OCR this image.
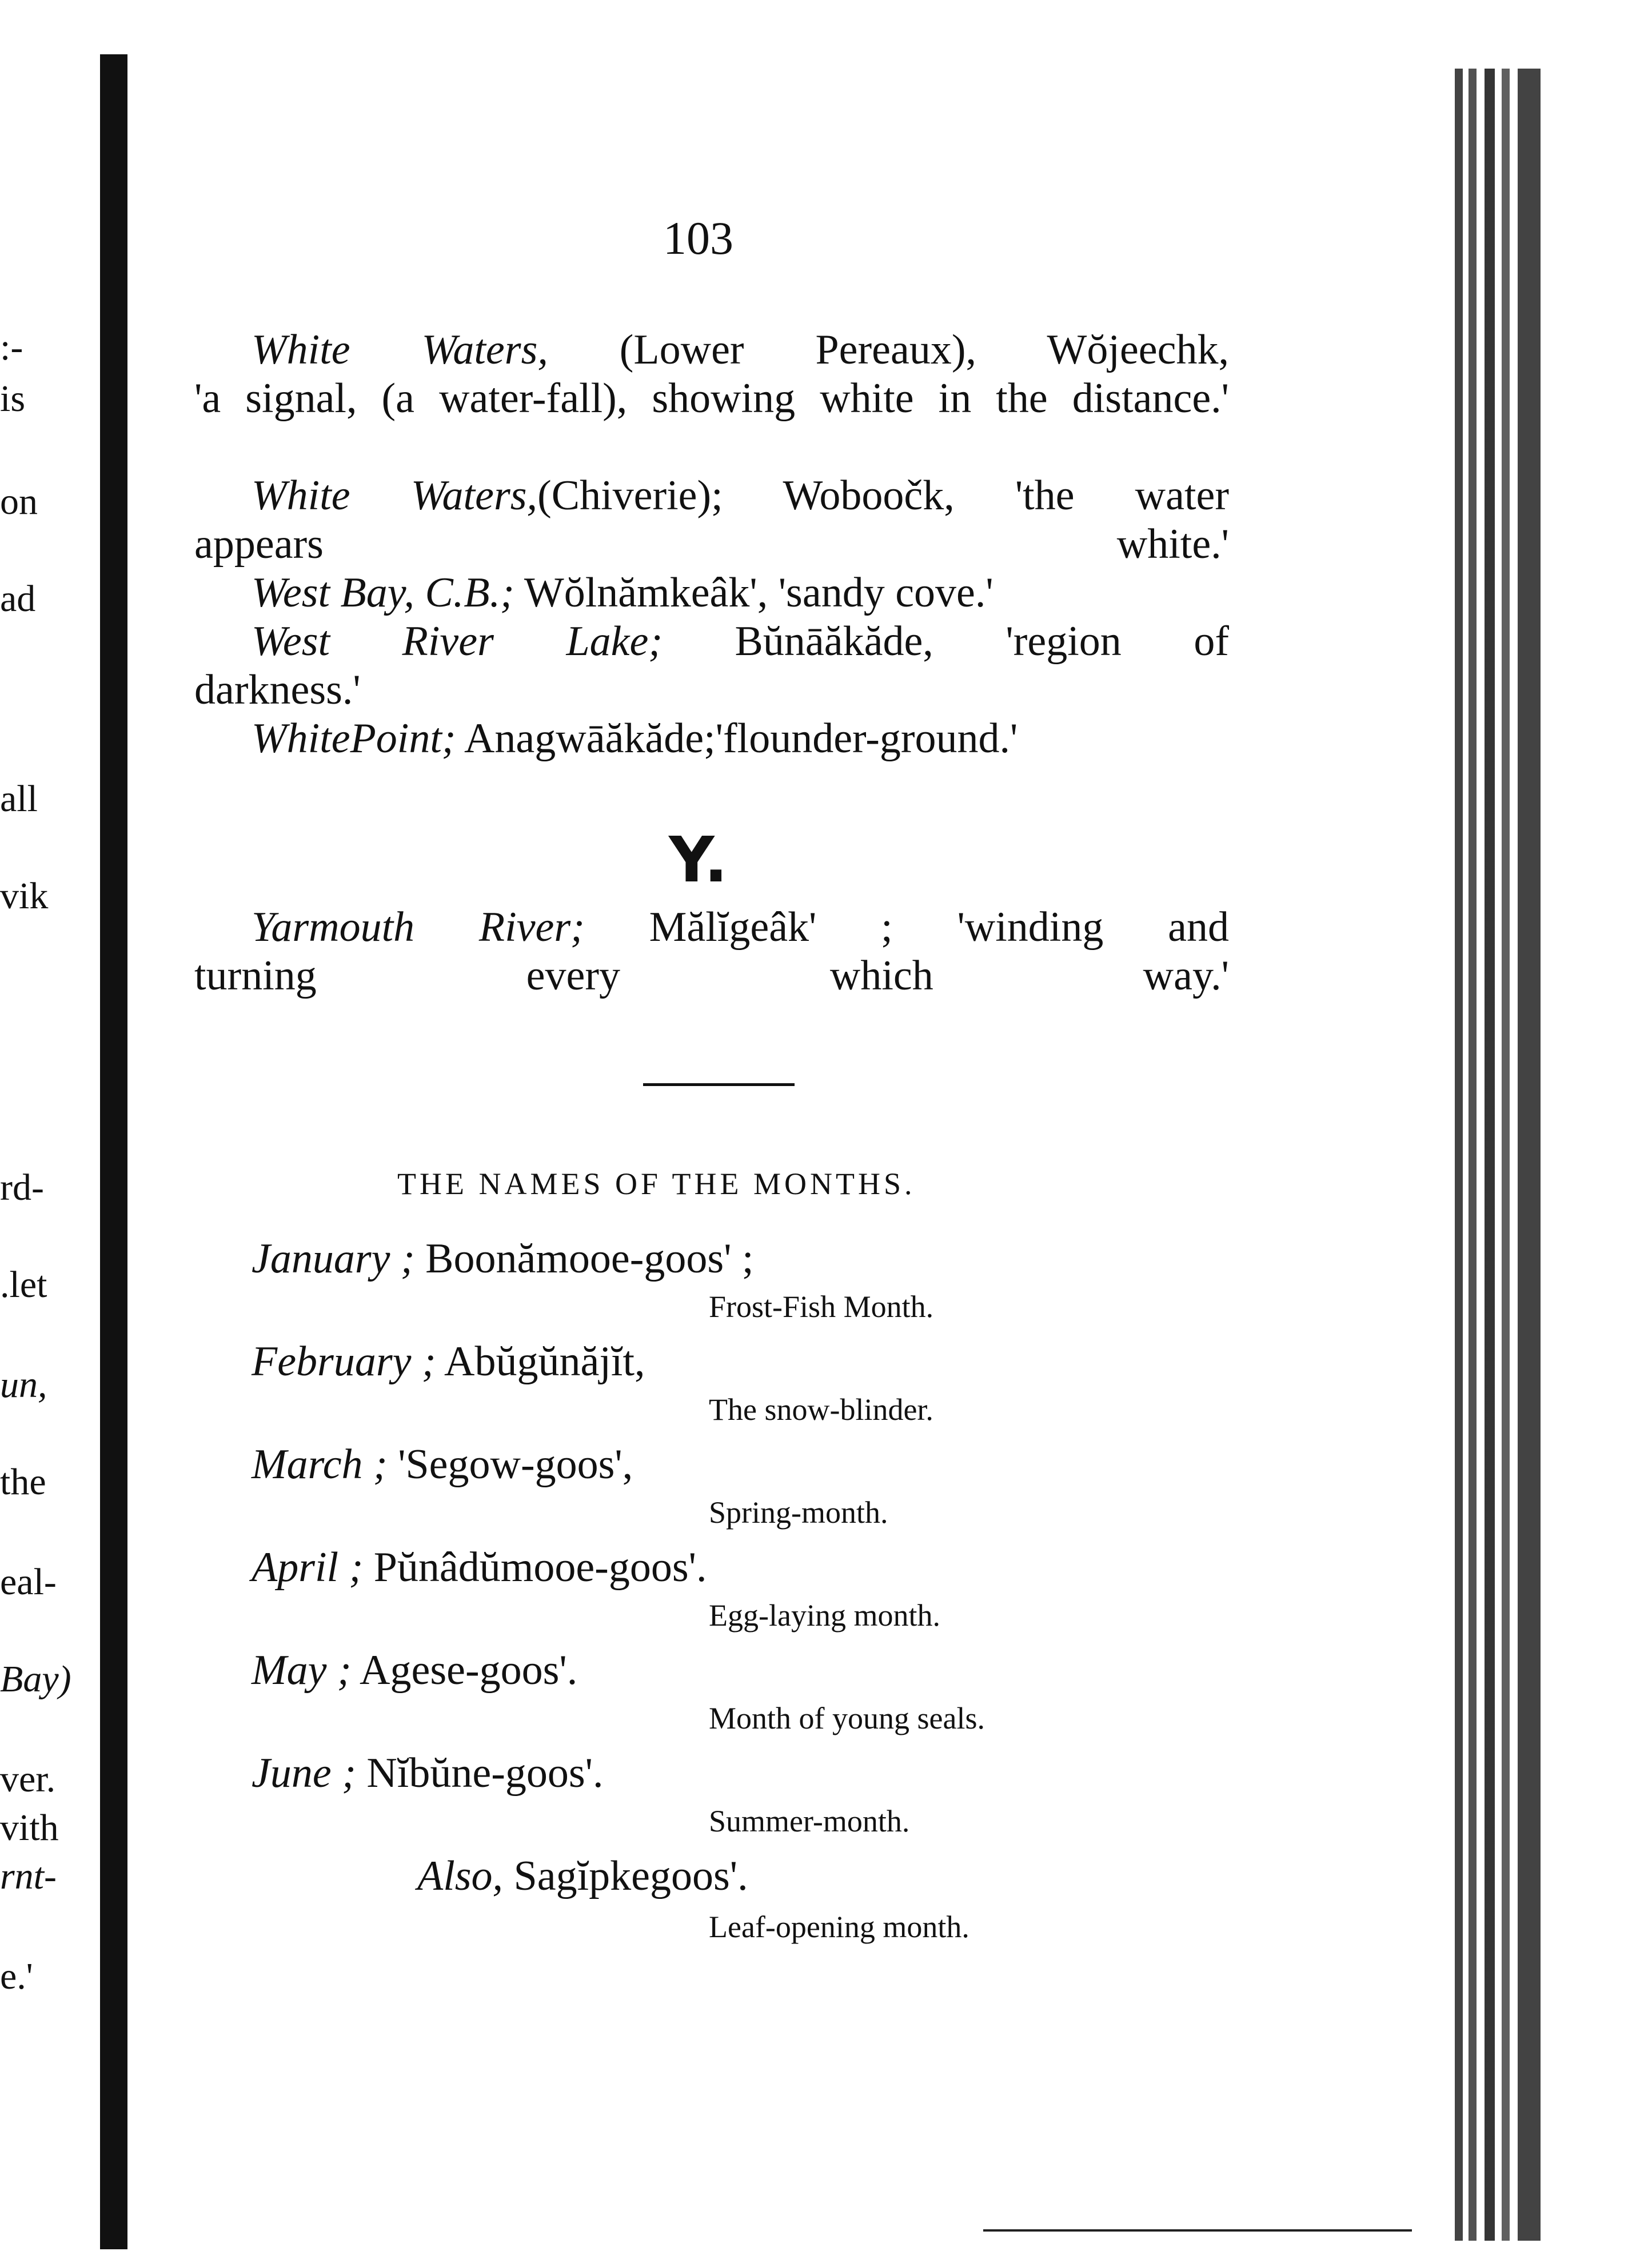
:-
is
on
ad
all
vik
rd-
.let
un,
the
eal-
Bay)
ver.
vith
rnt-
e.'
103
White Waters, (Lower Pereaux), Wŏjeechk,
'a signal, (a water-fall), showing white in the distance.'
White Waters,(Chiverie); Woboočk, 'the water
appears white.'
West Bay, C.B.; Wŏlnămkeâk', 'sandy cove.'
West River Lake; Bŭnāăkăde, 'region of
darkness.'
WhitePoint; Anagwāăkăde;'flounder-ground.'
Y.
Yarmouth River; Mălĭgeâk' ; 'winding and
turning every which way.'
THE NAMES OF THE MONTHS.
January ; Boonămooe-goos' ;
Frost-Fish Month.
February ; Abŭgŭnăjĭt,
The snow-blinder.
March ; 'Segow-goos',
Spring-month.
April ; Pŭnâdŭmooe-goos'.
Egg-laying month.
May ; Agese-goos'.
Month of young seals.
June ; Nĭbŭne-goos'.
Summer-month.
Also, Sagĭpkegoos'.
Leaf-opening month.
